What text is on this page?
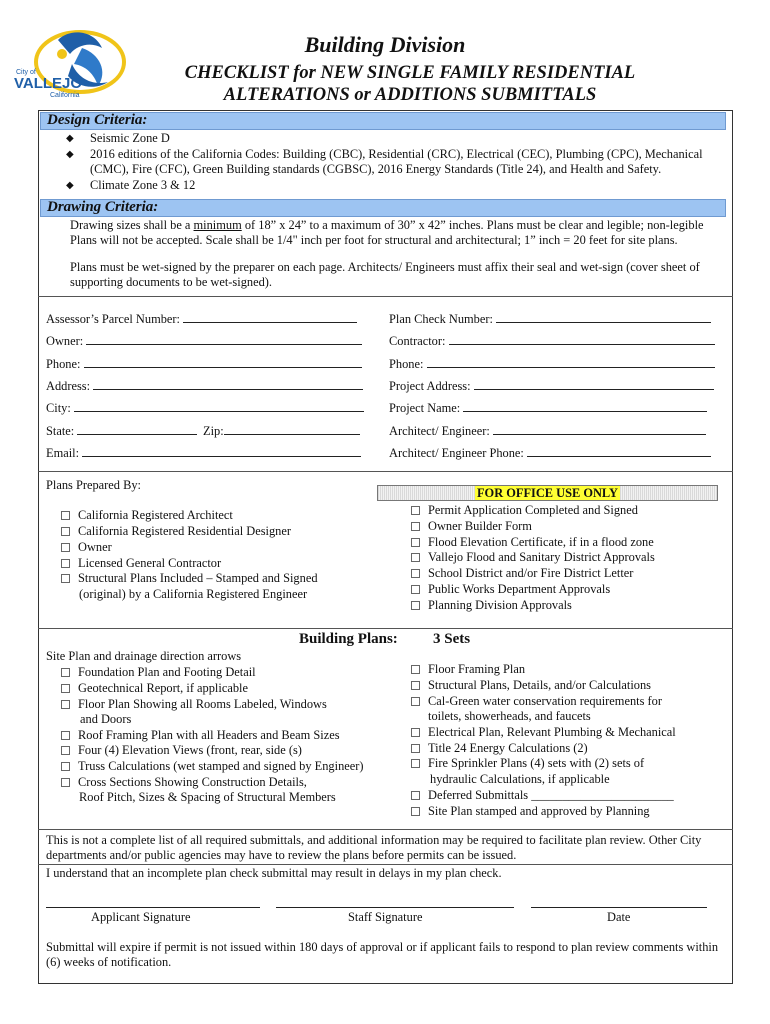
City of
VALLEJO
California
Building Division
CHECKLIST for NEW SINGLE FAMILY RESIDENTIAL
ALTERATIONS or ADDITIONS SUBMITTALS
Design Criteria:
◆ Seismic Zone D
◆ 2016 editions of the California Codes: Building (CBC), Residential (CRC), Electrical (CEC), Plumbing (CPC), Mechanical (CMC), Fire (CFC), Green Building standards (CGBSC), 2016 Energy Standards (Title 24), and Health and Safety.
◆ Climate Zone 3 & 12
Drawing Criteria:
Drawing sizes shall be a minimum of 18” x 24” to a maximum of 30” x 42” inches. Plans must be clear and legible; non-legible Plans will not be accepted. Scale shall be 1/4" inch per foot for structural and architectural; 1” inch = 20 feet for site plans.
Plans must be wet-signed by the preparer on each page. Architects/ Engineers must affix their seal and wet-sign (cover sheet of supporting documents to be wet-signed).
Assessor’s Parcel Number:
Owner:
Phone:
Address:
City:
State:	Zip:
Email:
Plan Check Number:
Contractor:
Phone:
Project Address:
Project Name:
Architect/ Engineer:
Architect/ Engineer Phone:
Plans Prepared By:
California Registered Architect
California Registered Residential Designer
Owner
Licensed General Contractor
Structural Plans Included – Stamped and Signed
(original) by a California Registered Engineer
FOR OFFICE USE ONLY
Permit Application Completed and Signed
Owner Builder Form
Flood Elevation Certificate, if in a flood zone
Vallejo Flood and Sanitary District Approvals
School District and/or Fire District Letter
Public Works Department Approvals
Planning Division Approvals
Building Plans: 3 Sets
Site Plan and drainage direction arrows
Foundation Plan and Footing Detail
Geotechnical Report, if applicable
Floor Plan Showing all Rooms Labeled, Windows
and Doors
Roof Framing Plan with all Headers and Beam Sizes
Four (4) Elevation Views (front, rear, side (s)
Truss Calculations (wet stamped and signed by Engineer)
Cross Sections Showing Construction Details,
Roof Pitch, Sizes & Spacing of Structural Members
Floor Framing Plan
Structural Plans, Details, and/or Calculations
Cal-Green water conservation requirements for
toilets, showerheads, and faucets
Electrical Plan, Relevant Plumbing & Mechanical
Title 24 Energy Calculations (2)
Fire Sprinkler Plans (4) sets with (2) sets of
hydraulic Calculations, if applicable
Deferred Submittals _______________________
Site Plan stamped and approved by Planning
This is not a complete list of all required submittals, and additional information may be required to facilitate plan review. Other City departments and/or public agencies may have to review the plans before permits can be issued.
I understand that an incomplete plan check submittal may result in delays in my plan check.
Applicant Signature	Staff Signature	Date
Submittal will expire if permit is not issued within 180 days of approval or if applicant fails to respond to plan review comments within (6) weeks of notification.
